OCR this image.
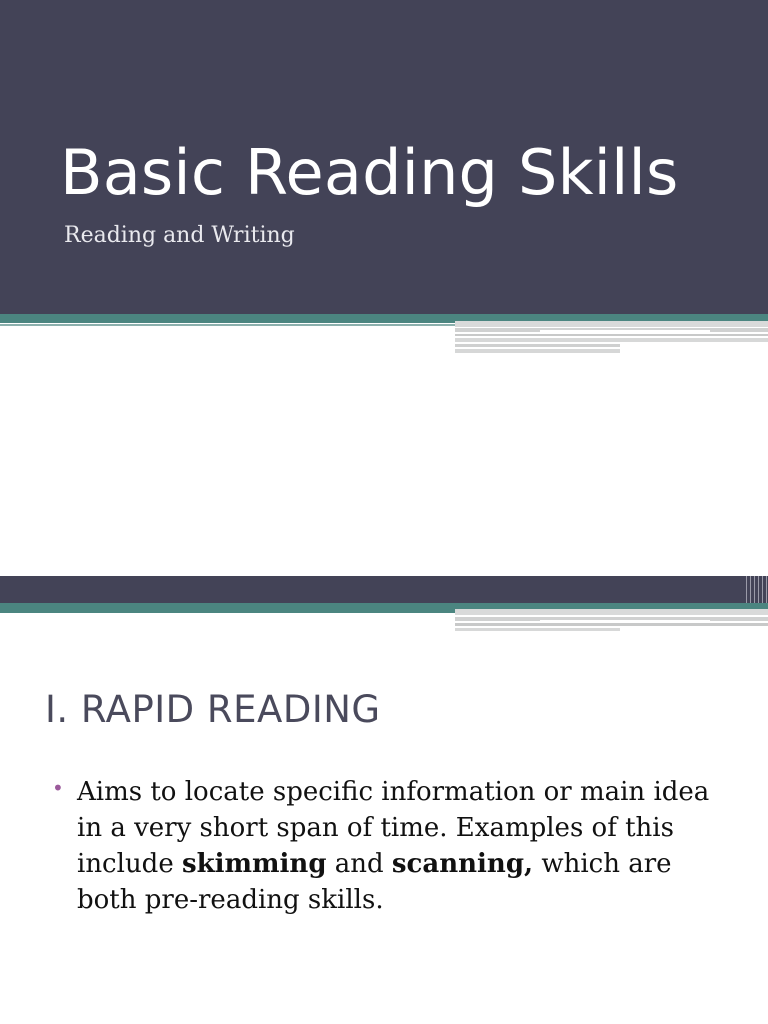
Basic Reading Skills

Reading and Writing

I. RAPID READING
• Aims to locate specific information or main idea in a very short span of time. Examples of this include skimming and scanning, which are both pre-reading skills.
